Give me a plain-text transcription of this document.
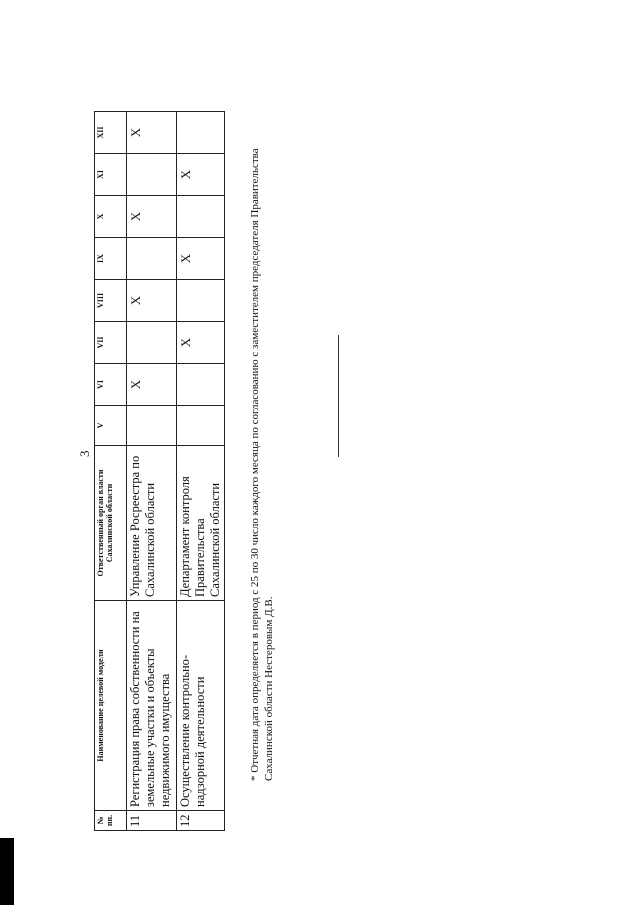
3
№ пп.	Наименование целевой модели	Ответственный орган власти Сахалинской области	V	VI	VII	VIII	IX	X	XI	XII
11	Регистрация права собственности на земельные участки и объекты недвижимого имущества	Управление Росреестра по Сахалинской области		X		X		X		X
12	Осуществление контрольно-надзорной деятельности	Департамент контроля Правительства Сахалинской области			X		X		X		* Отчетная дата определяется в период с 25 по 30 число каждого месяца по согласованию с заместителем председателя Правительства Сахалинской области Нестеровым Д.В.
